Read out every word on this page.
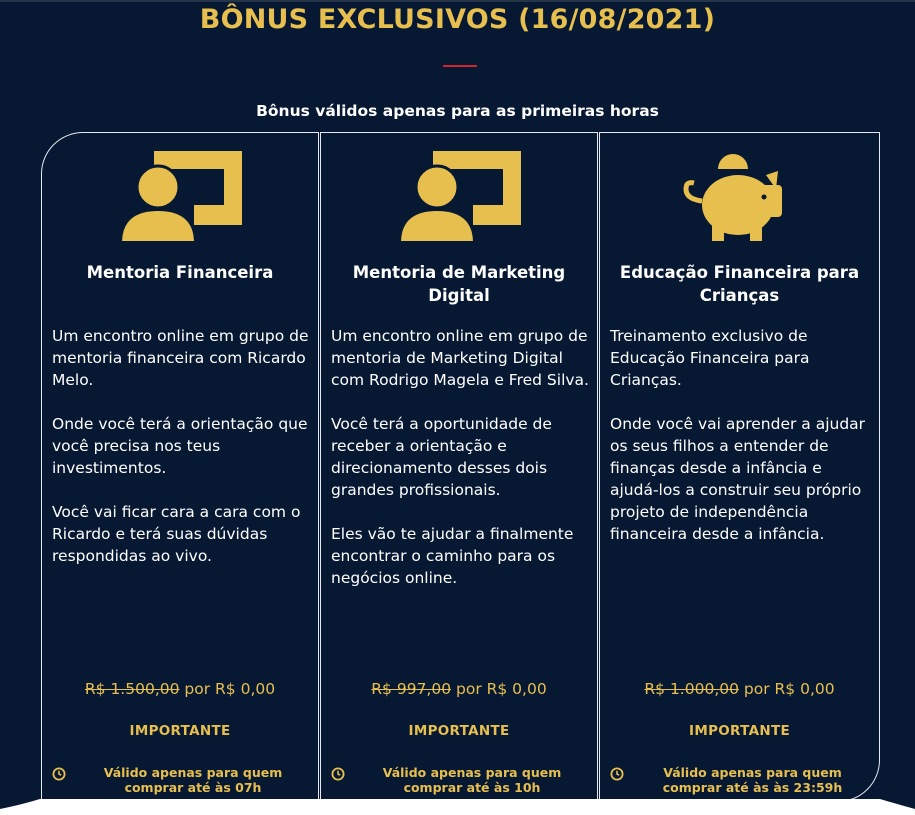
BÔNUS EXCLUSIVOS (16/08/2021)
Bônus válidos apenas para as primeiras horas
Mentoria Financeira

Um encontro online em grupo de mentoria financeira com Ricardo Melo.

Onde você terá a orientação que você precisa nos teus investimentos.

Você vai ficar cara a cara com o Ricardo e terá suas dúvidas respondidas ao vivo.

R$ 1.500,00 por R$ 0,00
IMPORTANTE
Válido apenas para quem comprar até às 07h
Mentoria de Marketing Digital

Um encontro online em grupo de mentoria de Marketing Digital com Rodrigo Magela e Fred Silva.

Você terá a oportunidade de receber a orientação e direcionamento desses dois grandes profissionais.

Eles vão te ajudar a finalmente encontrar o caminho para os negócios online.

R$ 997,00 por R$ 0,00
IMPORTANTE
Válido apenas para quem comprar até às 10h
Educação Financeira para Crianças

Treinamento exclusivo de Educação Financeira para Crianças.

Onde você vai aprender a ajudar os seus filhos a entender de finanças desde a infância e ajudá-los a construir seu próprio projeto de independência financeira desde a infância.

R$ 1.000,00 por R$ 0,00
IMPORTANTE
Válido apenas para quem comprar até às às 23:59h
